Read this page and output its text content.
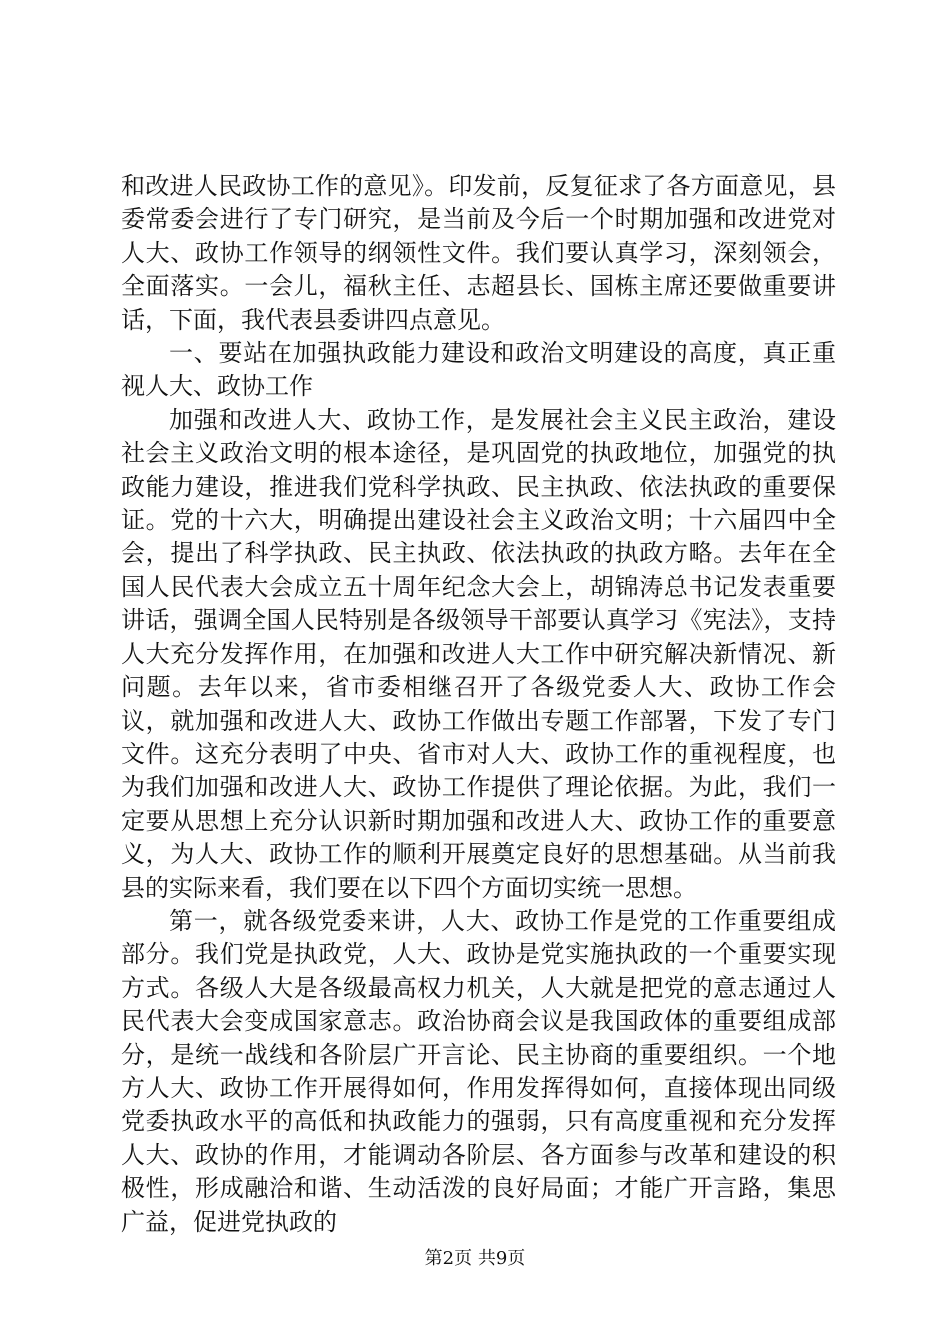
和改进人民政协工作的意见》。印发前，反复征求了各方面意见，县委常委会进行了专门研究，是当前及今后一个时期加强和改进党对人大、政协工作领导的纲领性文件。我们要认真学习，深刻领会，全面落实。一会儿，福秋主任、志超县长、国栋主席还要做重要讲话，下面，我代表县委讲四点意见。

一、要站在加强执政能力建设和政治文明建设的高度，真正重视人大、政协工作

加强和改进人大、政协工作，是发展社会主义民主政治，建设社会主义政治文明的根本途径，是巩固党的执政地位，加强党的执政能力建设，推进我们党科学执政、民主执政、依法执政的重要保证。党的十六大，明确提出建设社会主义政治文明；十六届四中全会，提出了科学执政、民主执政、依法执政的执政方略。去年在全国人民代表大会成立五十周年纪念大会上，胡锦涛总书记发表重要讲话，强调全国人民特别是各级领导干部要认真学习《宪法》，支持人大充分发挥作用，在加强和改进人大工作中研究解决新情况、新问题。去年以来，省市委相继召开了各级党委人大、政协工作会议，就加强和改进人大、政协工作做出专题工作部署，下发了专门文件。这充分表明了中央、省市对人大、政协工作的重视程度，也为我们加强和改进人大、政协工作提供了理论依据。为此，我们一定要从思想上充分认识新时期加强和改进人大、政协工作的重要意义，为人大、政协工作的顺利开展奠定良好的思想基础。从当前我县的实际来看，我们要在以下四个方面切实统一思想。

第一，就各级党委来讲，人大、政协工作是党的工作重要组成部分。我们党是执政党，人大、政协是党实施执政的一个重要实现方式。各级人大是各级最高权力机关，人大就是把党的意志通过人民代表大会变成国家意志。政治协商会议是我国政体的重要组成部分，是统一战线和各阶层广开言论、民主协商的重要组织。一个地方人大、政协工作开展得如何，作用发挥得如何，直接体现出同级党委执政水平的高低和执政能力的强弱，只有高度重视和充分发挥人大、政协的作用，才能调动各阶层、各方面参与改革和建设的积极性，形成融洽和谐、生动活泼的良好局面；才能广开言路，集思广益，促进党执政的

第2页 共9页
